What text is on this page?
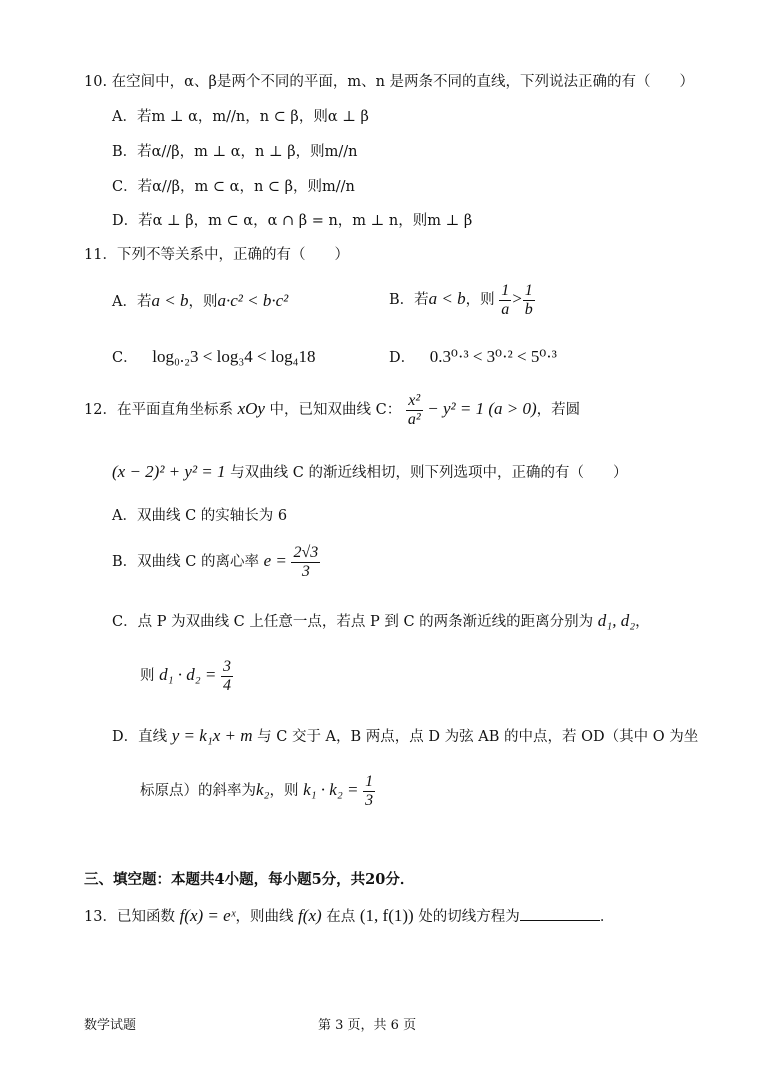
10. 在空间中，α、β是两个不同的平面，m、n 是两条不同的直线，下列说法正确的有（　　）
A．若m ⊥ α，m//n，n ⊂ β，则α ⊥ β
B．若α//β，m ⊥ α，n ⊥ β，则m//n
C．若α//β，m ⊂ α，n ⊂ β，则m//n
D．若α ⊥ β，m ⊂ α，α ∩ β = n，m ⊥ n，则m ⊥ β
11．下列不等关系中，正确的有（　　）
A．若a < b，则a·c² < b·c²	B．若a < b，则 $\frac{1}{a} > \frac{1}{b}$
C． log₀.₂3 < log₃4 < log₄18	D． 0.3⁰·³ < 3⁰·² < 5⁰·³
12．在平面直角坐标系 xOy 中，已知双曲线 C： $\frac{\text{x²}}{\text{a²}} - y^2 = 1$ (a > 0)，若圆
(x − 2)² + y² = 1 与双曲线 C 的渐近线相切，则下列选项中，正确的有（　　）
A．双曲线 C 的实轴长为 6
B．双曲线 C 的离心率 $e = \frac{2√3}{3}$
C．点 P 为双曲线 C 上任意一点，若点 P 到 C 的两条渐近线的距离分别为 d₁, d₂，
则 $d_1 \cdot d_2 = \frac{3}{4}$
D．直线 y = k₁x + m 与 C 交于 A，B 两点，点 D 为弦 AB 的中点，若 OD（其中 O 为坐
标原点）的斜率为k₂，则 $k_1 \cdot k_2 = \frac{1}{3}$
三、填空题：本题共4小题，每小题5分，共20分．
13．已知函数 f(x) = eˣ，则曲线 f(x) 在点 (1, f(1)) 处的切线方程为	．
数学试题	第 3 页，共 6 页
